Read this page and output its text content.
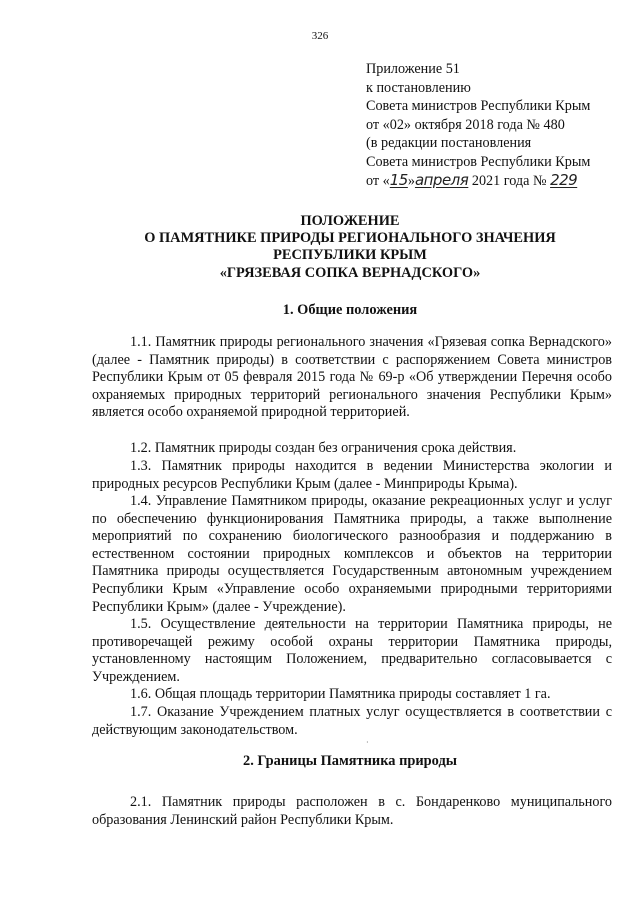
326
Приложение 51
к постановлению
Совета министров Республики Крым
от «02» октября 2018 года № 480
(в редакции постановления
Совета министров Республики Крым
от «15»апреля 2021 года № 229
ПОЛОЖЕНИЕ
О ПАМЯТНИКЕ ПРИРОДЫ РЕГИОНАЛЬНОГО ЗНАЧЕНИЯ
РЕСПУБЛИКИ КРЫМ
«ГРЯЗЕВАЯ СОПКА ВЕРНАДСКОГО»
1. Общие положения
1.1. Памятник природы регионального значения «Грязевая сопка Вернадского» (далее - Памятник природы) в соответствии с распоряжением Совета министров Республики Крым от 05 февраля 2015 года № 69-р «Об утверждении Перечня особо охраняемых природных территорий регионального значения Республики Крым» является особо охраняемой природной территорией.
1.2. Памятник природы создан без ограничения срока действия.
1.3. Памятник природы находится в ведении Министерства экологии и природных ресурсов Республики Крым (далее - Минприроды Крыма).
1.4. Управление Памятником природы, оказание рекреационных услуг и услуг по обеспечению функционирования Памятника природы, а также выполнение мероприятий по сохранению биологического разнообразия и поддержанию в естественном состоянии природных комплексов и объектов на территории Памятника природы осуществляется Государственным автономным учреждением Республики Крым «Управление особо охраняемыми природными территориями Республики Крым» (далее - Учреждение).
1.5. Осуществление деятельности на территории Памятника природы, не противоречащей режиму особой охраны территории Памятника природы, установленному настоящим Положением, предварительно согласовывается с Учреждением.
1.6. Общая площадь территории Памятника природы составляет 1 га.
1.7. Оказание Учреждением платных услуг осуществляется в соответствии с действующим законодательством.
·
2. Границы Памятника природы
2.1. Памятник природы расположен в с. Бондаренково муниципального образования Ленинский район Республики Крым.
